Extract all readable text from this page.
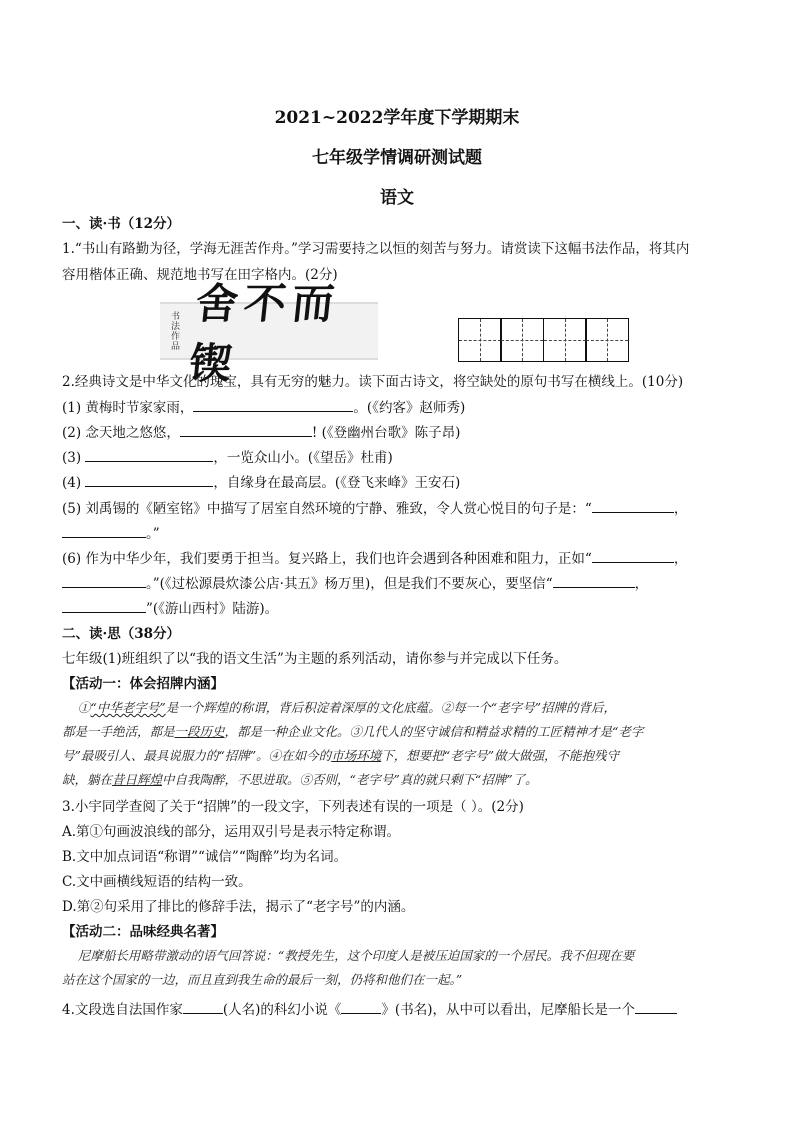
2021~2022学年度下学期期末
七年级学情调研测试题
语文
一、读·书（12分）
1.“书山有路勤为径，学海无涯苦作舟。”学习需要持之以恒的刻苦与努力。请赏读下这幅书法作品，将其内
容用楷体正确、规范地书写在田字格内。(2分)
书法作品
舍不而锲
2.经典诗文是中华文化的瑰宝，具有无穷的魅力。读下面古诗文，将空缺处的原句书写在横线上。(10分)
(1) 黄梅时节家家雨，	。(《约客》赵师秀)
(2) 念天地之悠悠，	! (《登幽州台歌》陈子昂)
(3)	，一览众山小。(《望岳》杜甫)
(4)	，自缘身在最高层。(《登飞来峰》王安石)
(5) 刘禹锡的《陋室铭》中描写了居室自然环境的宁静、雅致，令人赏心悦目的句子是：“	，
。”
(6) 作为中华少年，我们要勇于担当。复兴路上，我们也许会遇到各种困难和阻力，正如“	，
。”(《过松源晨炊漆公店·其五》杨万里)，但是我们不要灰心，要坚信“	，
”(《游山西村》陆游)。
二、读·思（38分）
七年级(1)班组织了以“我的语文生活”为主题的系列活动，请你参与并完成以下任务。
【活动一：体会招牌内涵】
①“中华老字号”是一个辉煌的称谓，背后积淀着深厚的文化底蕴。②每一个“老字号”招牌的背后，
都是一手绝活，都是一段历史，都是一种企业文化。③几代人的坚守诚信和精益求精的工匠精神才是“老字
号”最吸引人、最具说服力的“招牌”。④在如今的市场环境下，想要把“老字号”做大做强，不能抱残守
缺，躺在昔日辉煌中自我陶醉，不思进取。⑤否则，“老字号”真的就只剩下“招牌”了。
3.小宇同学查阅了关于“招牌”的一段文字，下列表述有误的一项是（ ）。(2分)
A.第①句画波浪线的部分，运用双引号是表示特定称谓。
B.文中加点词语“称谓”“诚信”“陶醉”均为名词。
C.文中画横线短语的结构一致。
D.第②句采用了排比的修辞手法，揭示了“老字号”的内涵。
【活动二：品味经典名著】
尼摩船长用略带激动的语气回答说：“教授先生，这个印度人是被压迫国家的一个居民。我不但现在要
站在这个国家的一边，而且直到我生命的最后一刻，仍将和他们在一起。”
4.文段选自法国作家	(人名)的科幻小说《	》(书名)，从中可以看出，尼摩船长是一个
